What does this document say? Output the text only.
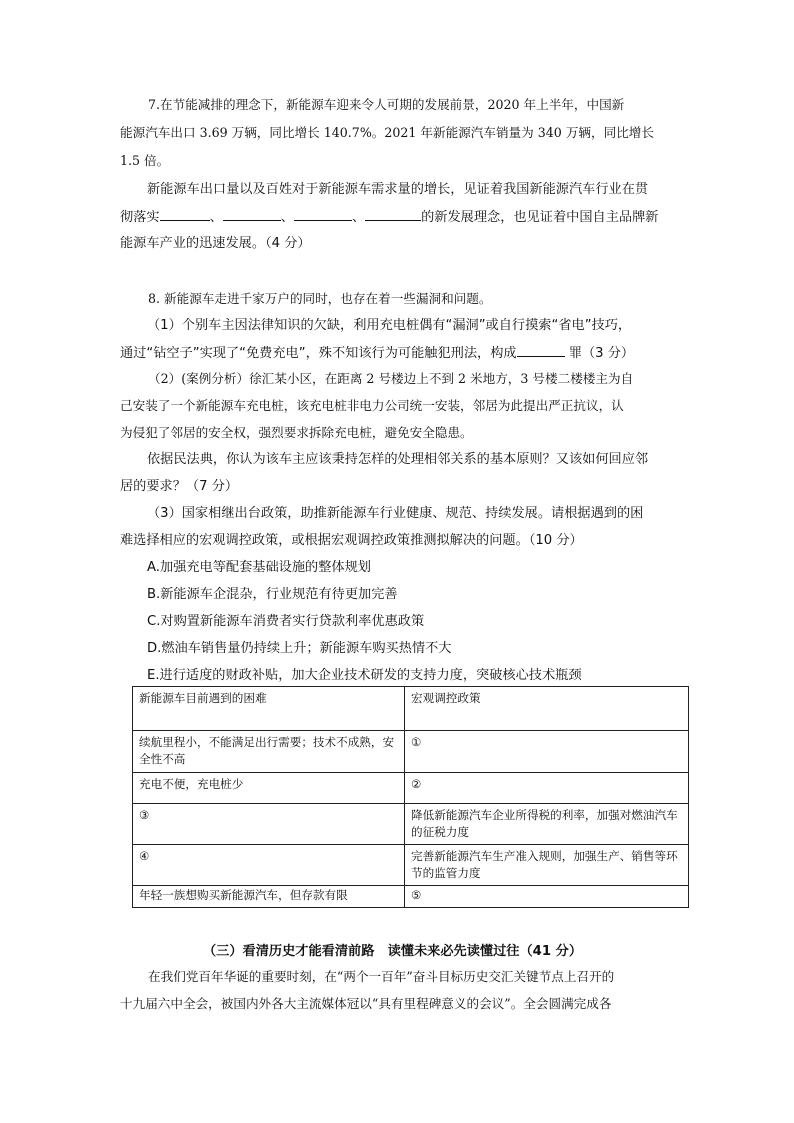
7.在节能减排的理念下，新能源车迎来令人可期的发展前景，2020 年上半年，中国新
能源汽车出口 3.69 万辆，同比增长 140.7%。2021 年新能源汽车销量为 340 万辆，同比增长
1.5 倍。
新能源车出口量以及百姓对于新能源车需求量的增长，见证着我国新能源汽车行业在贯
彻落实	、	、	、	的新发展理念，也见证着中国自主品牌新
能源车产业的迅速发展。（4 分）
8. 新能源车走进千家万户的同时，也存在着一些漏洞和问题。
（1）个别车主因法律知识的欠缺，利用充电桩偶有“漏洞”或自行摸索“省电”技巧，
通过“钻空子”实现了“免费充电”，殊不知该行为可能触犯刑法，构成	罪（3 分）
（2）(案例分析）徐汇某小区，在距离 2 号楼边上不到 2 米地方，3 号楼二楼楼主为自
己安装了一个新能源车充电桩，该充电桩非电力公司统一安装，邻居为此提出严正抗议，认
为侵犯了邻居的安全权，强烈要求拆除充电桩，避免安全隐患。
依据民法典，你认为该车主应该秉持怎样的处理相邻关系的基本原则？又该如何回应邻
居的要求？（7 分）
（3）国家相继出台政策，助推新能源车行业健康、规范、持续发展。请根据遇到的困
难选择相应的宏观调控政策，或根据宏观调控政策推测拟解决的问题。（10 分）
A.加强充电等配套基础设施的整体规划
B.新能源车企混杂，行业规范有待更加完善
C.对购置新能源车消费者实行贷款利率优惠政策
D.燃油车销售量仍持续上升；新能源车购买热情不大
E.进行适度的财政补贴，加大企业技术研发的支持力度，突破核心技术瓶颈
新能源车目前遇到的困难	宏观调控政策
续航里程小，不能满足出行需要；技术不成熟，安全性不高	①
充电不便，充电桩少	②
③	降低新能源汽车企业所得税的利率，加强对燃油汽车的征税力度
④	完善新能源汽车生产准入规则，加强生产、销售等环节的监管力度
年轻一族想购买新能源汽车，但存款有限	⑤
（三）看清历史才能看清前路　读懂未来必先读懂过往（41 分）
在我们党百年华诞的重要时刻，在“两个一百年”奋斗目标历史交汇关键节点上召开的
十九届六中全会，被国内外各大主流媒体冠以“具有里程碑意义的会议”。全会圆满完成各
